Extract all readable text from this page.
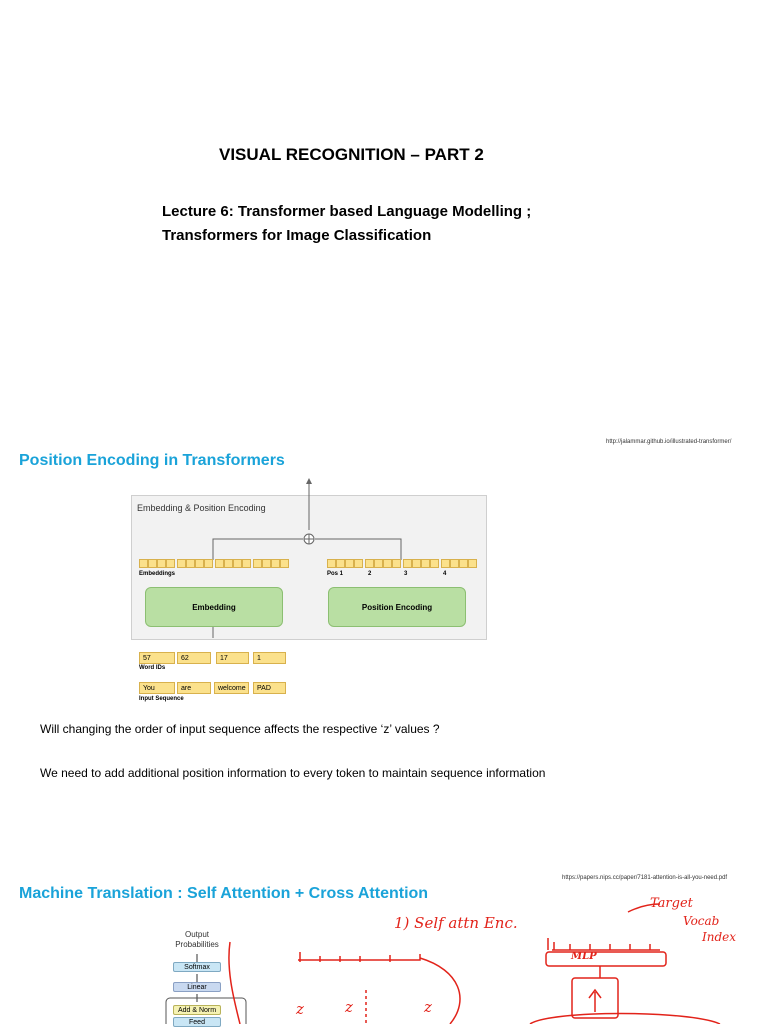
VISUAL RECOGNITION – PART 2
Lecture 6: Transformer based Language Modelling ;
Transformers for Image Classification
http://jalammar.github.io/illustrated-transformer/
Position Encoding in Transformers
Embedding & Position Encoding
Embeddings	Pos 1	2	3	4
Embedding	Position Encoding
57	62	17	1
Word IDs
You	are	welcome	PAD
Input Sequence
Will changing the order of input sequence affects the respective ‘z’ values ?
We need to add additional position information to every token to maintain sequence information
https://papers.nips.cc/paper/7181-attention-is-all-you-need.pdf
Machine Translation : Self Attention + Cross Attention
Output
Probabilities
Softmax
Linear
Add & Norm
Feed
1) Self attn Enc.
Target
Vocab
Index
MLP
z	z	z
